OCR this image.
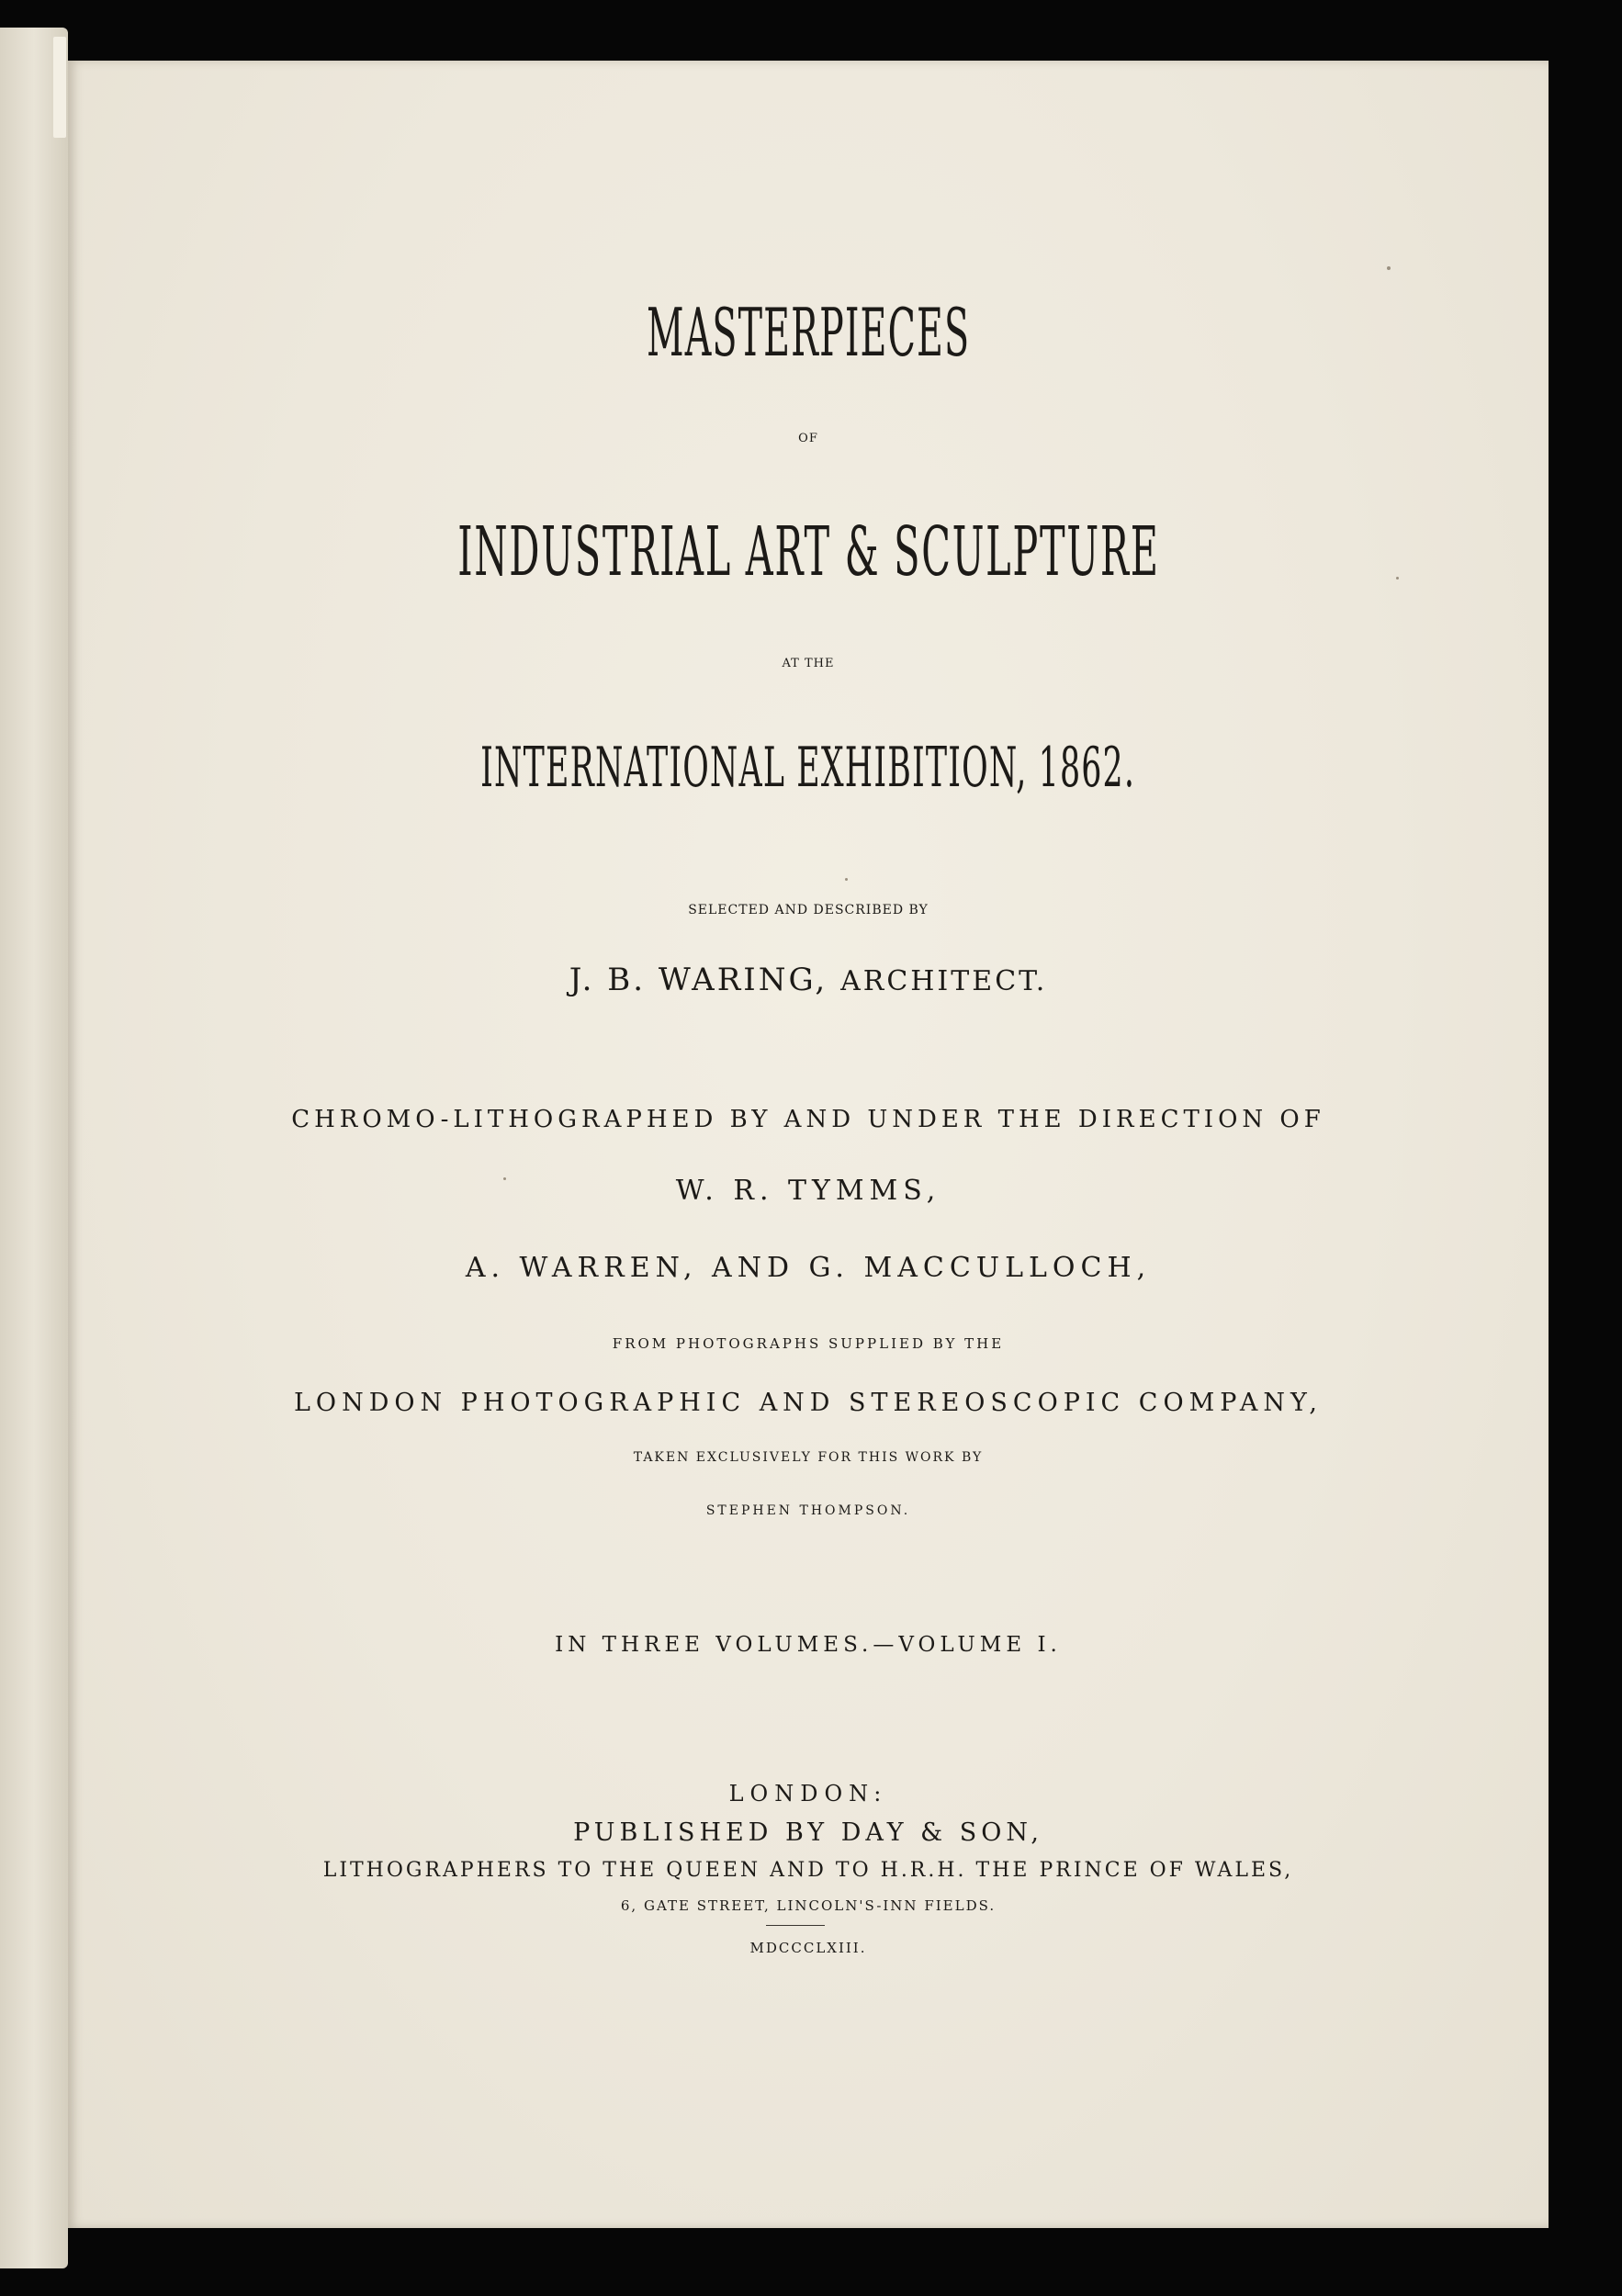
MASTERPIECES
OF
INDUSTRIAL ART & SCULPTURE
AT THE
INTERNATIONAL EXHIBITION, 1862.
SELECTED AND DESCRIBED BY
J. B. WARING, ARCHITECT.
CHROMO-LITHOGRAPHED BY AND UNDER THE DIRECTION OF
W. R. TYMMS,
A. WARREN, AND G. MACCULLOCH,
FROM PHOTOGRAPHS SUPPLIED BY THE
LONDON PHOTOGRAPHIC AND STEREOSCOPIC COMPANY,
TAKEN EXCLUSIVELY FOR THIS WORK BY
STEPHEN THOMPSON.
IN THREE VOLUMES.—VOLUME I.
LONDON:
PUBLISHED BY DAY & SON,
LITHOGRAPHERS TO THE QUEEN AND TO H.R.H. THE PRINCE OF WALES,
6, GATE STREET, LINCOLN'S-INN FIELDS.
MDCCCLXIII.
